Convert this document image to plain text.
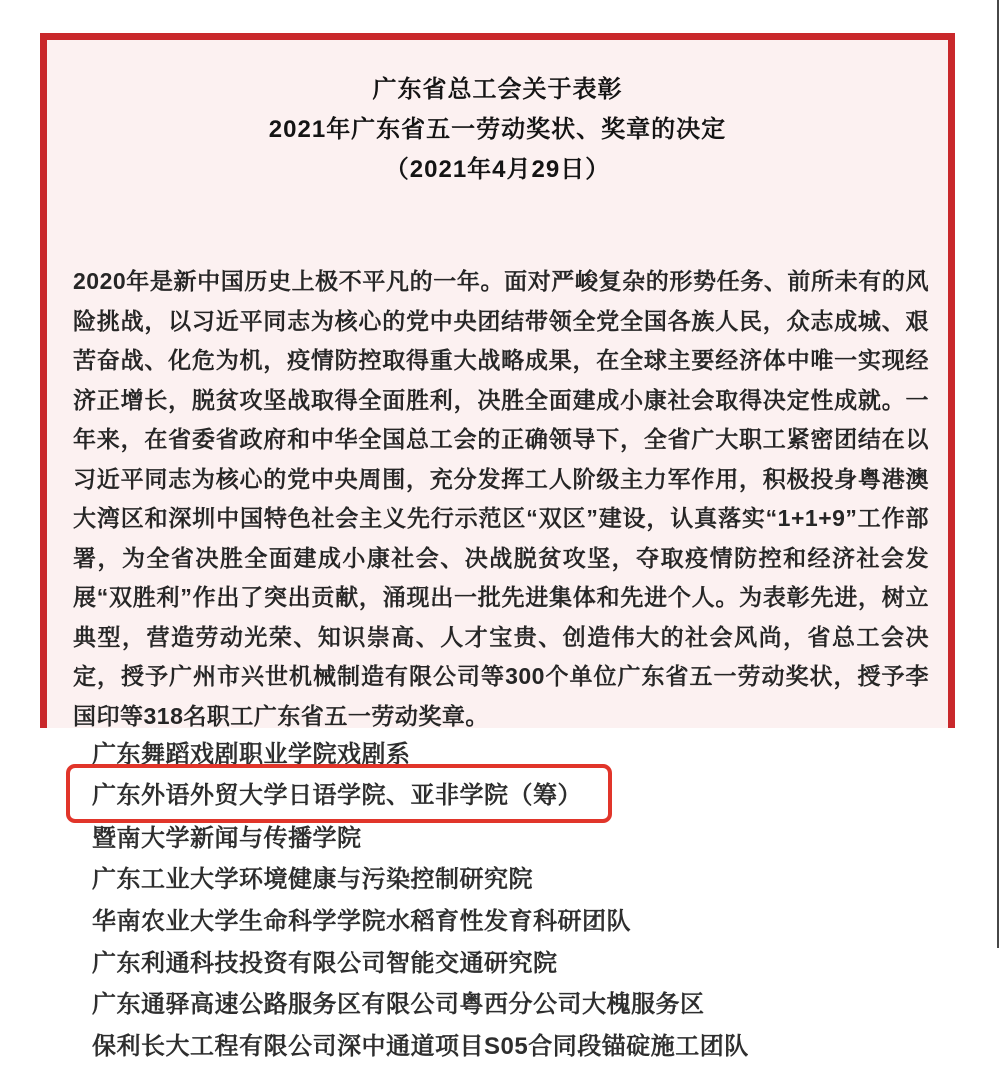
广东省总工会关于表彰
2021年广东省五一劳动奖状、奖章的决定
（2021年4月29日）

2020年是新中国历史上极不平凡的一年。面对严峻复杂的形势任务、前所未有的风险挑战，以习近平同志为核心的党中央团结带领全党全国各族人民，众志成城、艰苦奋战、化危为机，疫情防控取得重大战略成果，在全球主要经济体中唯一实现经济正增长，脱贫攻坚战取得全面胜利，决胜全面建成小康社会取得决定性成就。一年来，在省委省政府和中华全国总工会的正确领导下，全省广大职工紧密团结在以习近平同志为核心的党中央周围，充分发挥工人阶级主力军作用，积极投身粤港澳大湾区和深圳中国特色社会主义先行示范区“双区”建设，认真落实“1+1+9”工作部署，为全省决胜全面建成小康社会、决战脱贫攻坚，夺取疫情防控和经济社会发展“双胜利”作出了突出贡献，涌现出一批先进集体和先进个人。为表彰先进，树立典型，营造劳动光荣、知识崇高、人才宝贵、创造伟大的社会风尚，省总工会决定，授予广州市兴世机械制造有限公司等300个单位广东省五一劳动奖状，授予李国印等318名职工广东省五一劳动奖章。

广东舞蹈戏剧职业学院戏剧系
广东外语外贸大学日语学院、亚非学院（筹）
暨南大学新闻与传播学院
广东工业大学环境健康与污染控制研究院
华南农业大学生命科学学院水稻育性发育科研团队
广东利通科技投资有限公司智能交通研究院
广东通驿高速公路服务区有限公司粤西分公司大槐服务区
保利长大工程有限公司深中通道项目S05合同段锚碇施工团队
